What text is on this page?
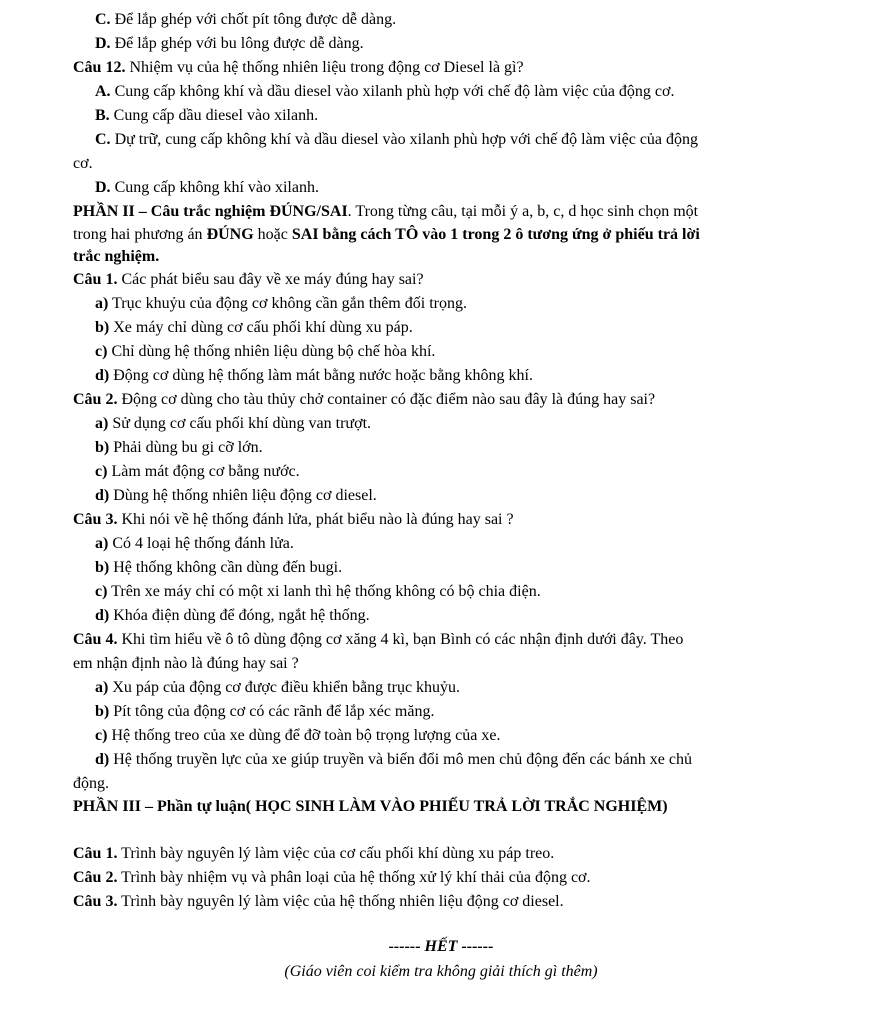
C. Để lắp ghép với chốt pít tông được dễ dàng.
D. Để lắp ghép với bu lông được dễ dàng.
Câu 12. Nhiệm vụ của hệ thống nhiên liệu trong động cơ Diesel là gì?
A. Cung cấp không khí và dầu diesel vào xilanh phù hợp với chế độ làm việc của động cơ.
B. Cung cấp dầu diesel vào xilanh.
C. Dự trữ, cung cấp không khí và dầu diesel vào xilanh phù hợp với chế độ làm việc của động
cơ.
D. Cung cấp không khí vào xilanh.
PHẦN II – Câu trắc nghiệm ĐÚNG/SAI. Trong từng câu, tại mỗi ý a, b, c, d học sinh chọn một
trong hai phương án ĐÚNG hoặc SAI bằng cách TÔ vào 1 trong 2 ô tương ứng ở phiếu trả lời
trắc nghiệm.
Câu 1. Các phát biểu sau đây về xe máy đúng hay sai?
a) Trục khuỷu của động cơ không cần gắn thêm đối trọng.
b) Xe máy chỉ dùng cơ cấu phối khí dùng xu páp.
c) Chỉ dùng hệ thống nhiên liệu dùng bộ chế hòa khí.
d) Động cơ dùng hệ thống làm mát bằng nước hoặc bằng không khí.
Câu 2. Động cơ dùng cho tàu thủy chở container có đặc điểm nào sau đây là đúng hay sai?
a) Sử dụng cơ cấu phối khí dùng van trượt.
b) Phải dùng bu gi cỡ lớn.
c) Làm mát động cơ bằng nước.
d) Dùng hệ thống nhiên liệu động cơ diesel.
Câu 3. Khi nói về hệ thống đánh lửa, phát biểu nào là đúng hay sai ?
a) Có 4 loại hệ thống đánh lửa.
b) Hệ thống không cần dùng đến bugi.
c) Trên xe máy chỉ có một xi lanh thì hệ thống không có bộ chia điện.
d) Khóa điện dùng để đóng, ngắt hệ thống.
Câu 4. Khi tìm hiểu về ô tô dùng động cơ xăng 4 kì, bạn Bình có các nhận định dưới đây. Theo
em nhận định nào là đúng hay sai ?
a) Xu páp của động cơ được điều khiển bằng trục khuỷu.
b) Pít tông của động cơ có các rãnh để lắp xéc măng.
c) Hệ thống treo của xe dùng để đỡ toàn bộ trọng lượng của xe.
d) Hệ thống truyền lực của xe giúp truyền và biến đổi mô men chủ động đến các bánh xe chủ
động.
PHẦN III – Phần tự luận( HỌC SINH LÀM VÀO PHIẾU TRẢ LỜI TRẮC NGHIỆM)
Câu 1. Trình bày nguyên lý làm việc của cơ cấu phối khí dùng xu páp treo.
Câu 2. Trình bày nhiệm vụ và phân loại của hệ thống xử lý khí thải của động cơ.
Câu 3. Trình bày nguyên lý làm việc của hệ thống nhiên liệu động cơ diesel.
------ HẾT ------
(Giáo viên coi kiểm tra không giải thích gì thêm)
